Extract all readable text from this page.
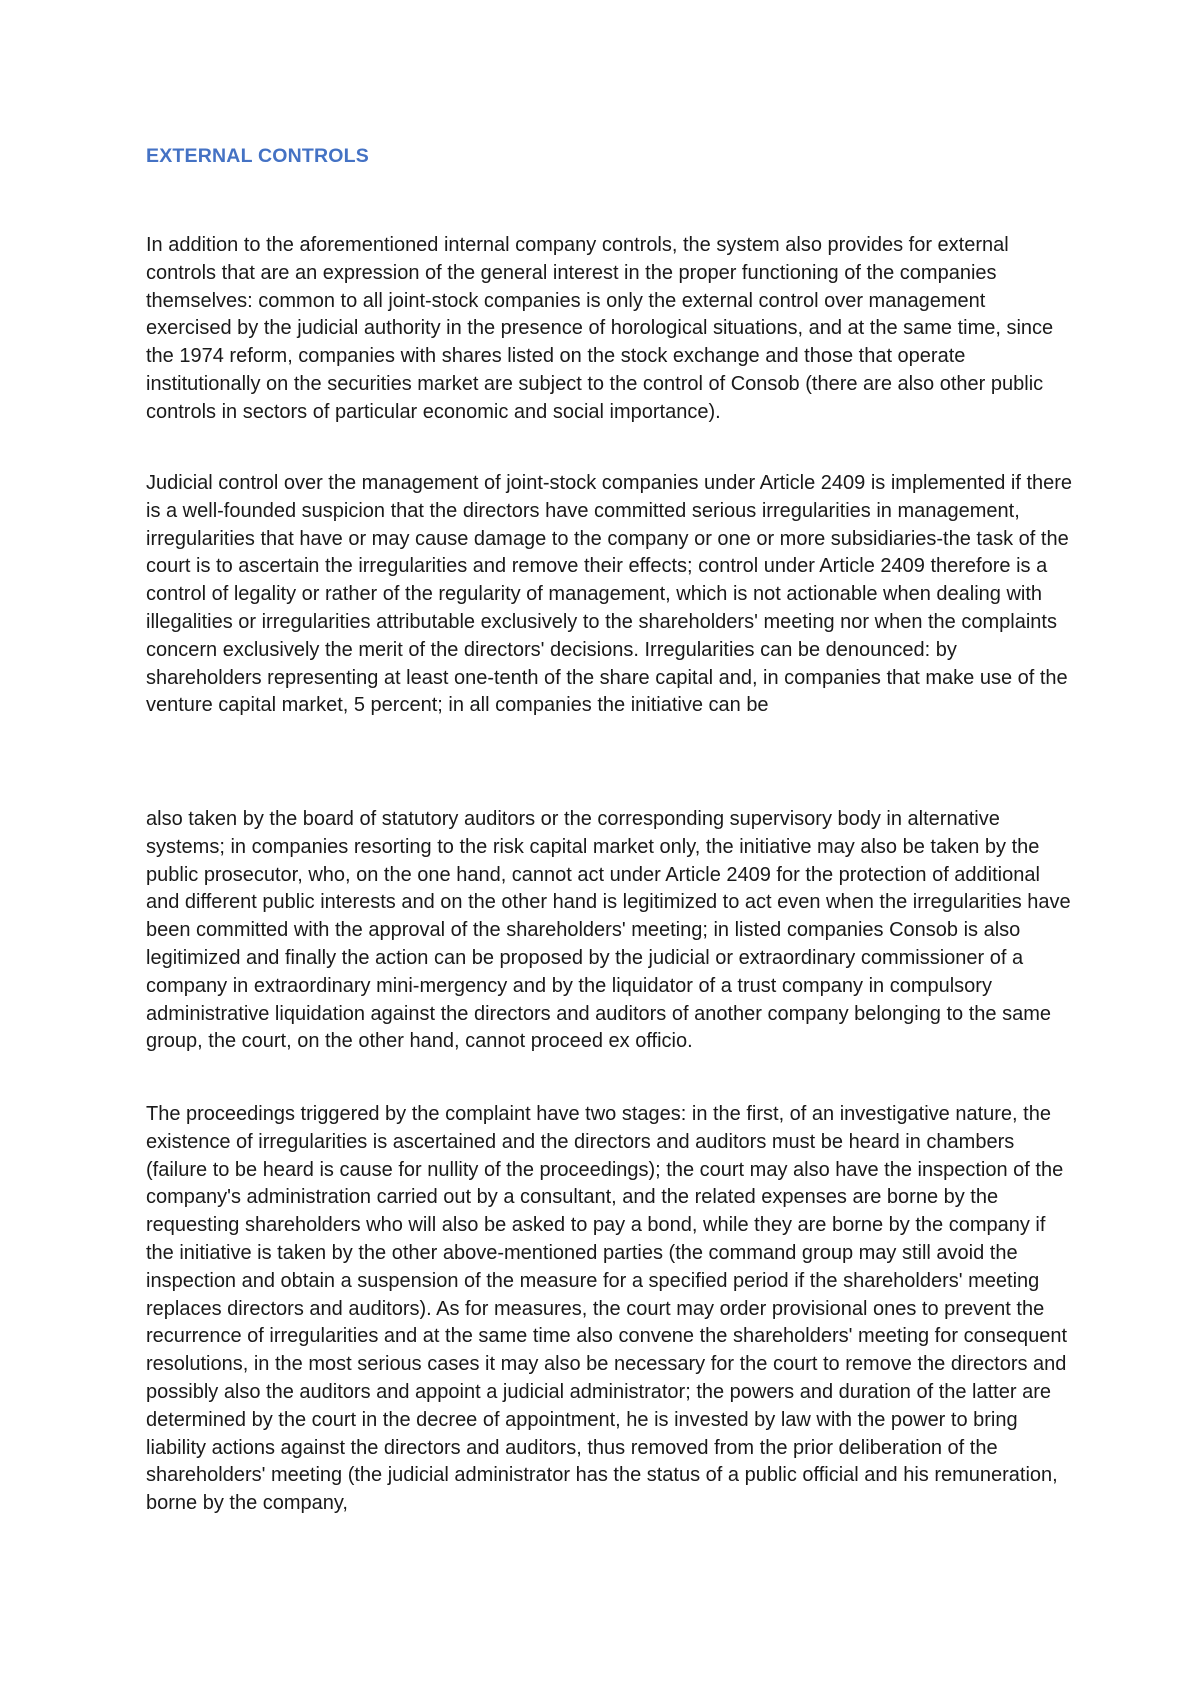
EXTERNAL CONTROLS

In addition to the aforementioned internal company controls, the system also provides for external controls that are an expression of the general interest in the proper functioning of the companies themselves: common to all joint-stock companies is only the external control over management exercised by the judicial authority in the presence of horological situations, and at the same time, since the 1974 reform, companies with shares listed on the stock exchange and those that operate institutionally on the securities market are subject to the control of Consob (there are also other public controls in sectors of particular economic and social importance).

Judicial control over the management of joint-stock companies under Article 2409 is implemented if there is a well-founded suspicion that the directors have committed serious irregularities in management, irregularities that have or may cause damage to the company or one or more subsidiaries-the task of the court is to ascertain the irregularities and remove their effects; control under Article 2409 therefore is a control of legality or rather of the regularity of management, which is not actionable when dealing with illegalities or irregularities attributable exclusively to the shareholders' meeting nor when the complaints concern exclusively the merit of the directors' decisions. Irregularities can be denounced: by shareholders representing at least one-tenth of the share capital and, in companies that make use of the venture capital market, 5 percent; in all companies the initiative can be

also taken by the board of statutory auditors or the corresponding supervisory body in alternative systems; in companies resorting to the risk capital market only, the initiative may also be taken by the public prosecutor, who, on the one hand, cannot act under Article 2409 for the protection of additional and different public interests and on the other hand is legitimized to act even when the irregularities have been committed with the approval of the shareholders' meeting; in listed companies Consob is also legitimized and finally the action can be proposed by the judicial or extraordinary commissioner of a company in extraordinary mini-mergency and by the liquidator of a trust company in compulsory administrative liquidation against the directors and auditors of another company belonging to the same group, the court, on the other hand, cannot proceed ex officio.

The proceedings triggered by the complaint have two stages: in the first, of an investigative nature, the existence of irregularities is ascertained and the directors and auditors must be heard in chambers (failure to be heard is cause for nullity of the proceedings); the court may also have the inspection of the company's administration carried out by a consultant, and the related expenses are borne by the requesting shareholders who will also be asked to pay a bond, while they are borne by the company if the initiative is taken by the other above-mentioned parties (the command group may still avoid the inspection and obtain a suspension of the measure for a specified period if the shareholders' meeting replaces directors and auditors). As for measures, the court may order provisional ones to prevent the recurrence of irregularities and at the same time also convene the shareholders' meeting for consequent resolutions, in the most serious cases it may also be necessary for the court to remove the directors and possibly also the auditors and appoint a judicial administrator; the powers and duration of the latter are determined by the court in the decree of appointment, he is invested by law with the power to bring liability actions against the directors and auditors, thus removed from the prior deliberation of the shareholders' meeting (the judicial administrator has the status of a public official and his remuneration, borne by the company,
